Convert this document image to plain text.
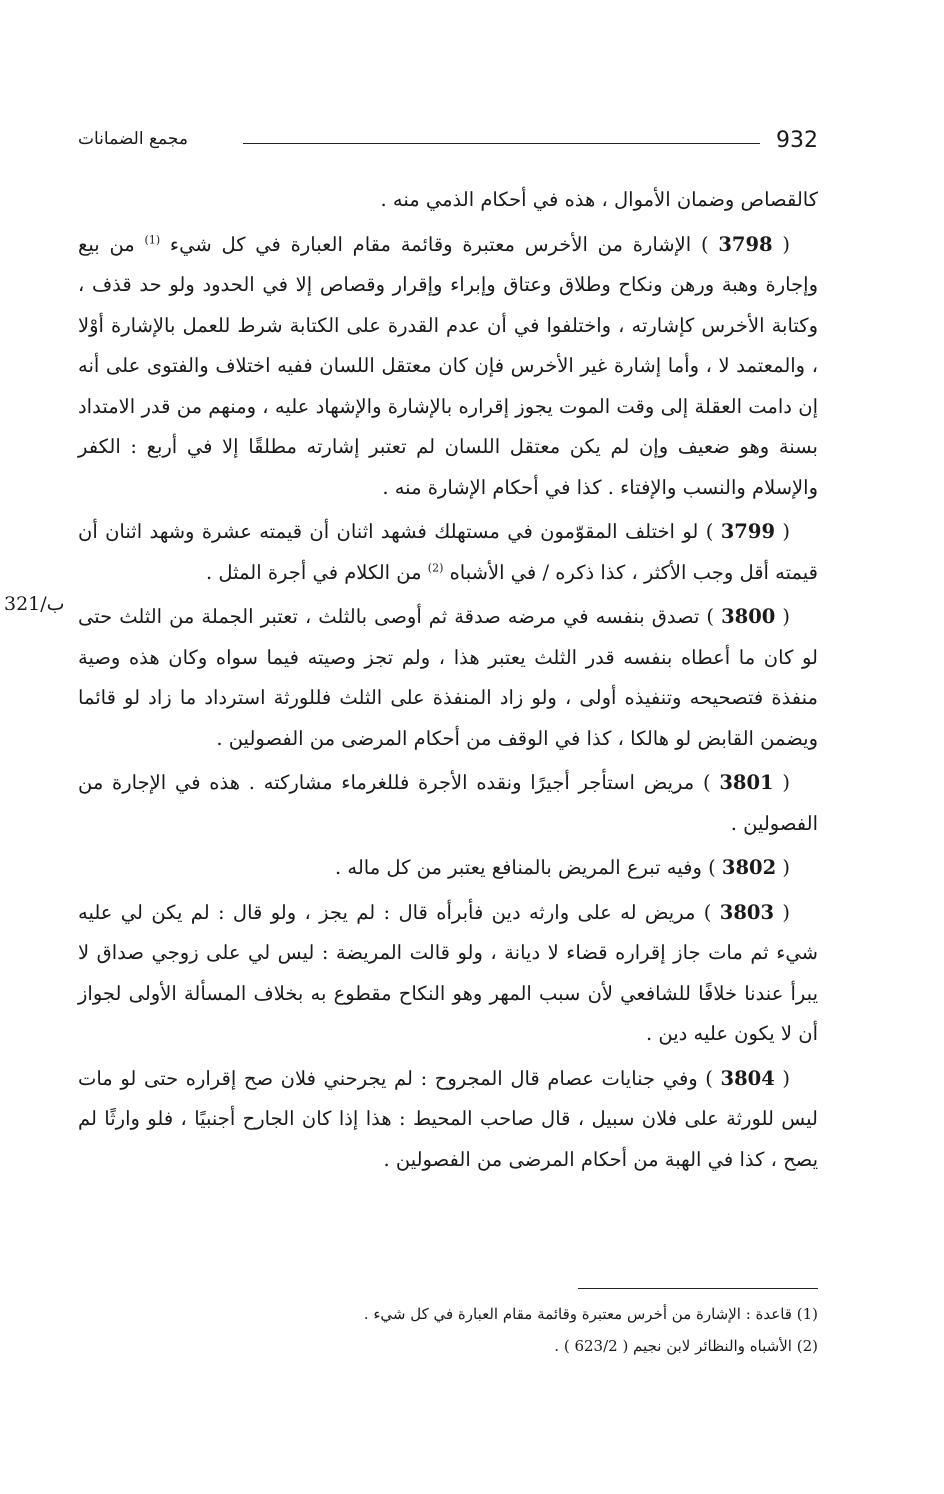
932
مجمع الضمانات
321/ب

كالقصاص وضمان الأموال ، هذه في أحكام الذمي منه .

( 3798 ) الإشارة من الأخرس معتبرة وقائمة مقام العبارة في كل شيء $^{(1)}$ من بيع وإجارة وهبة ورهن ونكاح وطلاق وعتاق وإبراء وإقرار وقصاص إلا في الحدود ولو حد قذف ، وكتابة الأخرس كإشارته ، واختلفوا في أن عدم القدرة على الكتابة شرط للعمل بالإشارة أوْلا ، والمعتمد لا ، وأما إشارة غير الأخرس فإن كان معتقل اللسان ففيه اختلاف والفتوى على أنه إن دامت العقلة إلى وقت الموت يجوز إقراره بالإشارة والإشهاد عليه ، ومنهم من قدر الامتداد بسنة وهو ضعيف وإن لم يكن معتقل اللسان لم تعتبر إشارته مطلقًا إلا في أربع : الكفر والإسلام والنسب والإفتاء . كذا في أحكام الإشارة منه .

( 3799 ) لو اختلف المقوّمون في مستهلك فشهد اثنان أن قيمته عشرة وشهد اثنان أن قيمته أقل وجب الأكثر ، كذا ذكره / في الأشباه $^{(2)}$ من الكلام في أجرة المثل .

( 3800 ) تصدق بنفسه في مرضه صدقة ثم أوصى بالثلث ، تعتبر الجملة من الثلث حتى لو كان ما أعطاه بنفسه قدر الثلث يعتبر هذا ، ولم تجز وصيته فيما سواه وكان هذه وصية منفذة فتصحيحه وتنفيذه أولى ، ولو زاد المنفذة على الثلث فللورثة استرداد ما زاد لو قائما ويضمن القابض لو هالكا ، كذا في الوقف من أحكام المرضى من الفصولين .

( 3801 ) مريض استأجر أجيرًا ونقده الأجرة فللغرماء مشاركته . هذه في الإجارة من الفصولين .

( 3802 ) وفيه تبرع المريض بالمنافع يعتبر من كل ماله .

( 3803 ) مريض له على وارثه دين فأبرأه قال : لم يجز ، ولو قال : لم يكن لي عليه شيء ثم مات جاز إقراره قضاء لا ديانة ، ولو قالت المريضة : ليس لي على زوجي صداق لا يبرأ عندنا خلافًا للشافعي لأن سبب المهر وهو النكاح مقطوع به بخلاف المسألة الأولى لجواز أن لا يكون عليه دين .

( 3804 ) وفي جنايات عصام قال المجروح : لم يجرحني فلان صح إقراره حتى لو مات ليس للورثة على فلان سبيل ، قال صاحب المحيط : هذا إذا كان الجارح أجنبيًا ، فلو وارثًا لم يصح ، كذا في الهبة من أحكام المرضى من الفصولين .

(1) قاعدة : الإشارة من أخرس معتبرة وقائمة مقام العبارة في كل شيء .

(2) الأشباه والنظائر لابن نجيم ( 623/2 ) .
